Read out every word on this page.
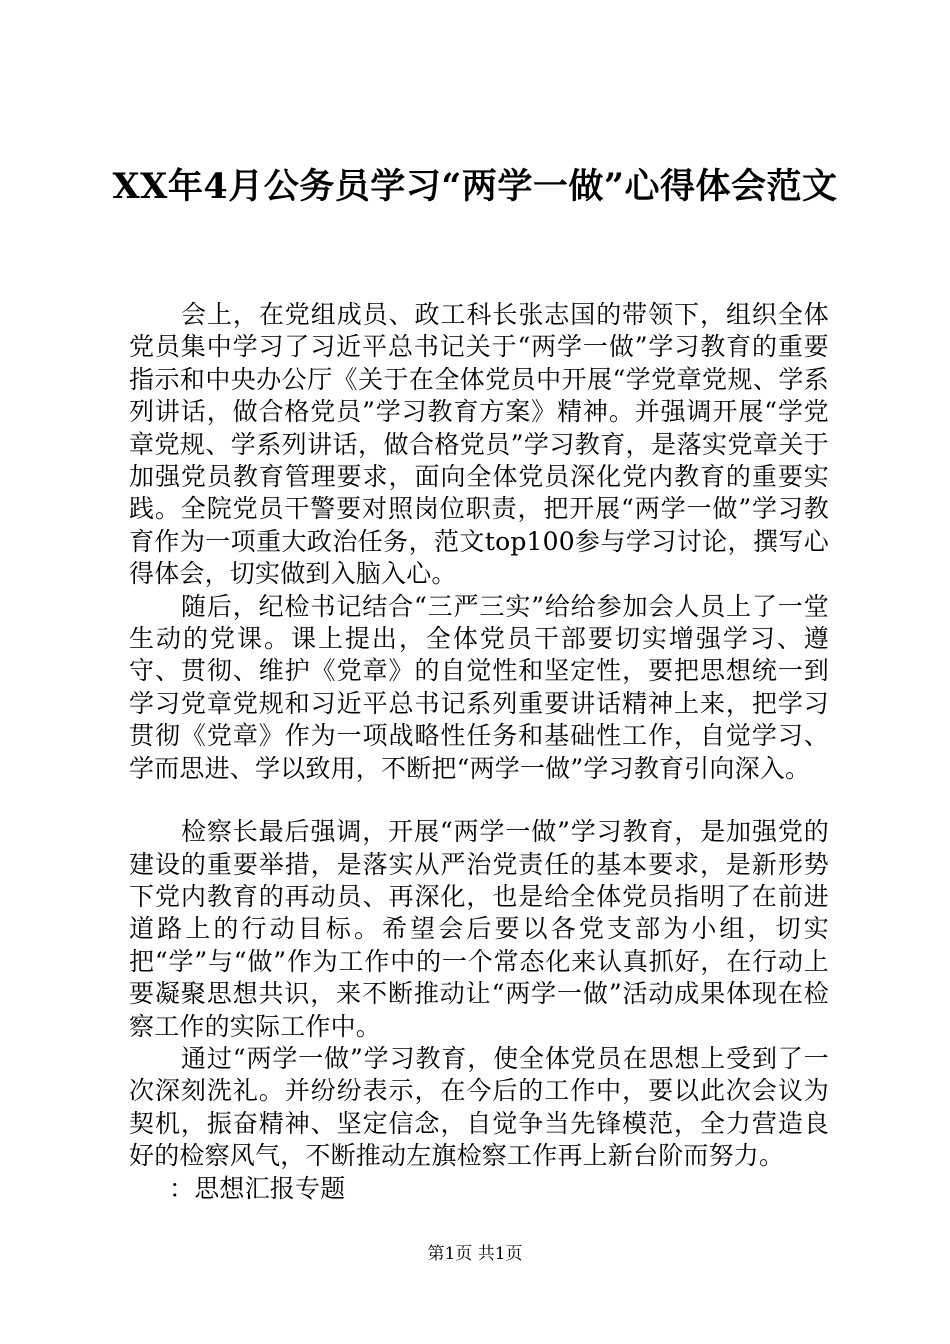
XX年4月公务员学习“两学一做”心得体会范文

会上，在党组成员、政工科长张志国的带领下，组织全体党员集中学习了习近平总书记关于“两学一做”学习教育的重要指示和中央办公厅《关于在全体党员中开展“学党章党规、学系列讲话，做合格党员”学习教育方案》精神。并强调开展“学党章党规、学系列讲话，做合格党员”学习教育，是落实党章关于加强党员教育管理要求，面向全体党员深化党内教育的重要实践。全院党员干警要对照岗位职责，把开展“两学一做”学习教育作为一项重大政治任务，范文top100参与学习讨论，撰写心得体会，切实做到入脑入心。

随后，纪检书记结合“三严三实”给给参加会人员上了一堂生动的党课。课上提出，全体党员干部要切实增强学习、遵守、贯彻、维护《党章》的自觉性和坚定性，要把思想统一到学习党章党规和习近平总书记系列重要讲话精神上来，把学习贯彻《党章》作为一项战略性任务和基础性工作，自觉学习、学而思进、学以致用，不断把“两学一做”学习教育引向深入。

检察长最后强调，开展“两学一做”学习教育，是加强党的建设的重要举措，是落实从严治党责任的基本要求，是新形势下党内教育的再动员、再深化，也是给全体党员指明了在前进道路上的行动目标。希望会后要以各党支部为小组，切实把“学”与“做”作为工作中的一个常态化来认真抓好，在行动上要凝聚思想共识，来不断推动让“两学一做”活动成果体现在检察工作的实际工作中。

通过“两学一做”学习教育，使全体党员在思想上受到了一次深刻洗礼。并纷纷表示，在今后的工作中，要以此次会议为契机，振奋精神、坚定信念，自觉争当先锋模范，全力营造良好的检察风气，不断推动左旗检察工作再上新台阶而努力。

：思想汇报专题

第1页 共1页
